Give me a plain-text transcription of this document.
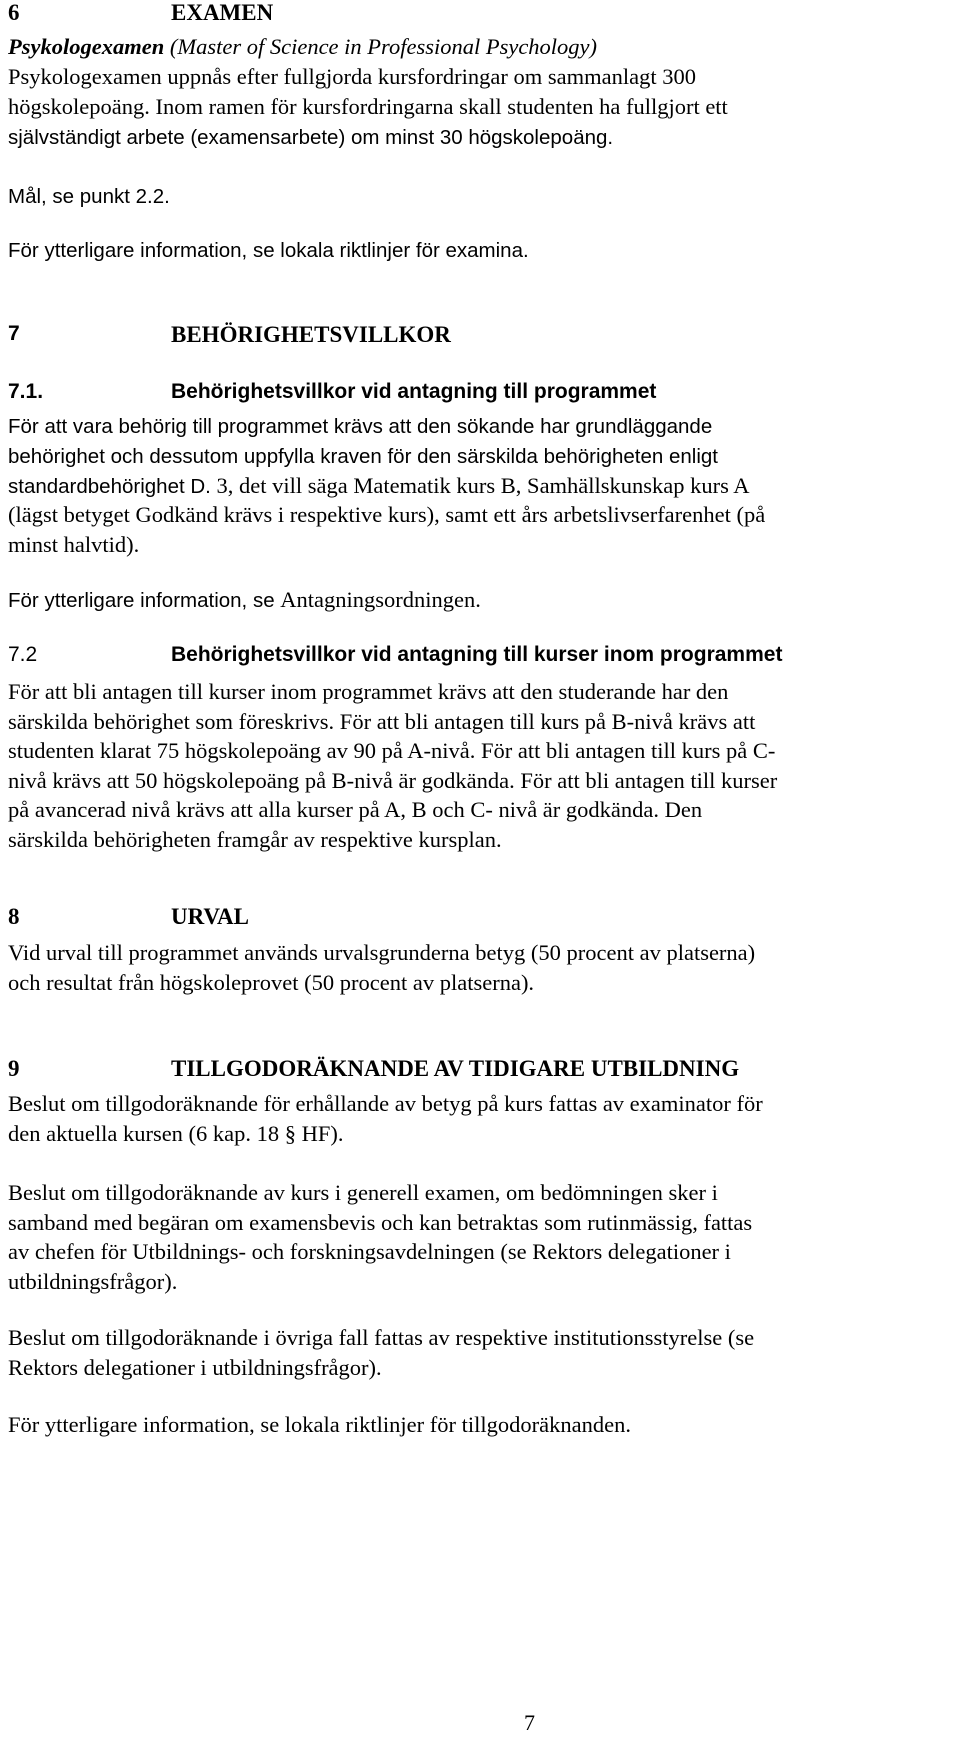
6	EXAMEN
Psykologexamen (Master of Science in Professional Psychology)
Psykologexamen uppnås efter fullgjorda kursfordringar om sammanlagt 300
högskolepoäng. Inom ramen för kursfordringarna skall studenten ha fullgjort ett
självständigt arbete (examensarbete) om minst 30 högskolepoäng.
Mål, se punkt 2.2.
För ytterligare information, se lokala riktlinjer för examina.
7	BEHÖRIGHETSVILLKOR
7.1.	Behörighetsvillkor vid antagning till programmet
För att vara behörig till programmet krävs att den sökande har grundläggande
behörighet och dessutom uppfylla kraven för den särskilda behörigheten enligt
standardbehörighet D. 3, det vill säga Matematik kurs B, Samhällskunskap kurs A
(lägst betyget Godkänd krävs i respektive kurs), samt ett års arbetslivserfarenhet (på
minst halvtid).
För ytterligare information, se Antagningsordningen.
7.2	Behörighetsvillkor vid antagning till kurser inom programmet
För att bli antagen till kurser inom programmet krävs att den studerande har den
särskilda behörighet som föreskrivs. För att bli antagen till kurs på B-nivå krävs att
studenten klarat 75 högskolepoäng av 90 på A-nivå. För att bli antagen till kurs på C-
nivå krävs att 50 högskolepoäng på B-nivå är godkända. För att bli antagen till kurser
på avancerad nivå krävs att alla kurser på A, B och C- nivå är godkända. Den
särskilda behörigheten framgår av respektive kursplan.
8	URVAL
Vid urval till programmet används urvalsgrunderna betyg (50 procent av platserna)
och resultat från högskoleprovet (50 procent av platserna).
9	TILLGODORÄKNANDE AV TIDIGARE UTBILDNING
Beslut om tillgodoräknande för erhållande av betyg på kurs fattas av examinator för
den aktuella kursen (6 kap. 18 § HF).
Beslut om tillgodoräknande av kurs i generell examen, om bedömningen sker i
samband med begäran om examensbevis och kan betraktas som rutinmässig, fattas
av chefen för Utbildnings- och forskningsavdelningen (se Rektors delegationer i
utbildningsfrågor).
Beslut om tillgodoräknande i övriga fall fattas av respektive institutionsstyrelse (se
Rektors delegationer i utbildningsfrågor).
För ytterligare information, se lokala riktlinjer för tillgodoräknanden.
7
